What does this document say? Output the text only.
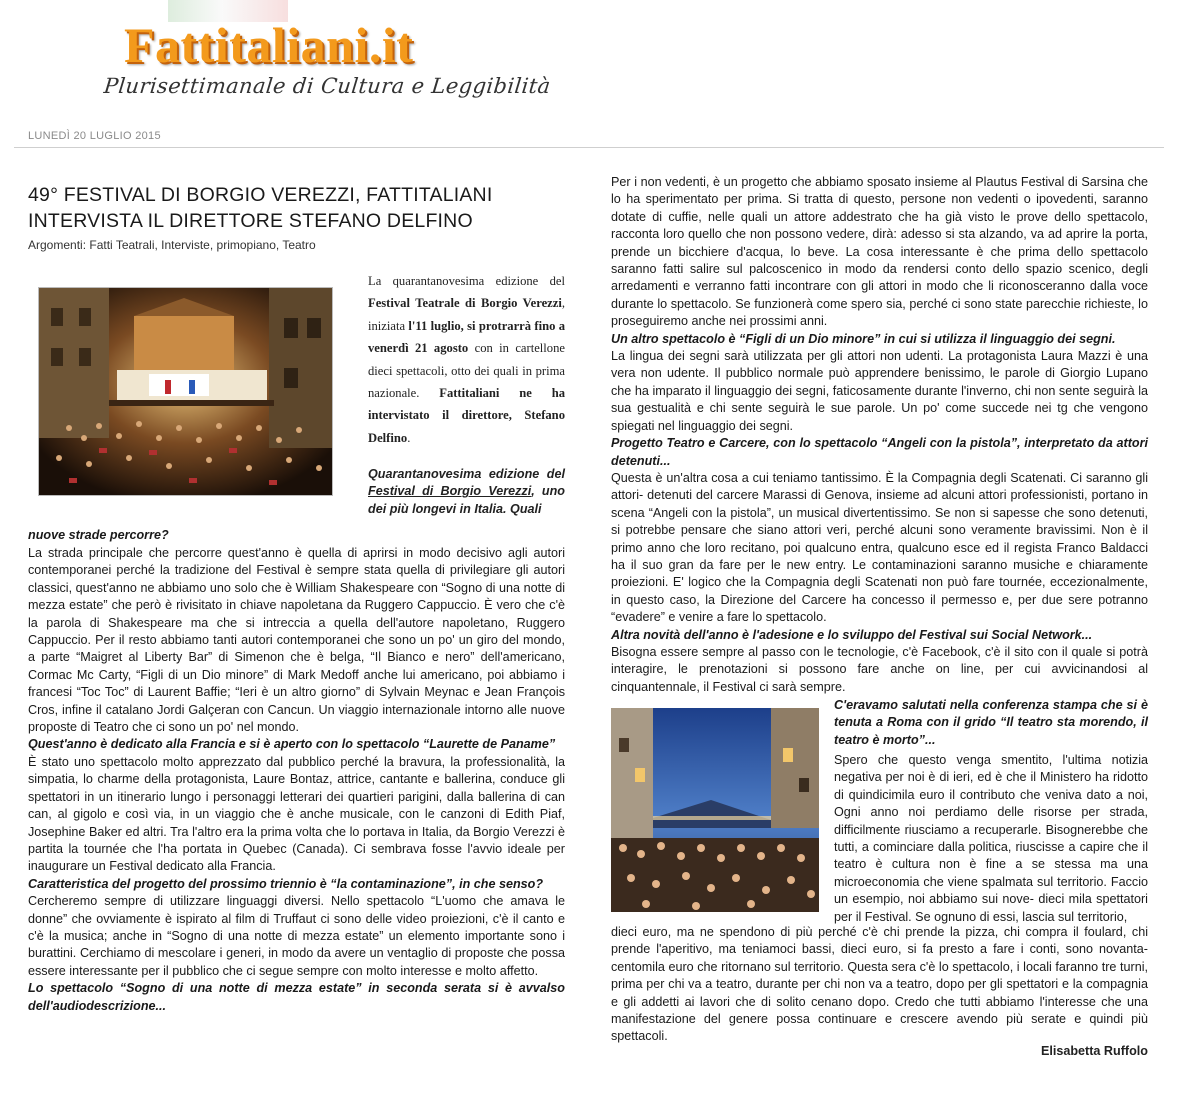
Fattitaliani.it
Plurisettimanale di Cultura e Leggibilità
LUNEDÌ 20 LUGLIO 2015
49° FESTIVAL DI BORGIO VEREZZI, FATTITALIANI INTERVISTA IL DIRETTORE STEFANO DELFINO
Argomenti: Fatti Teatrali, Interviste, primopiano, Teatro
La quarantanovesima edizione del Festival Teatrale di Borgio Verezzi, iniziata l'11 luglio, si protrarrà fino a venerdì 21 agosto con in cartellone dieci spettacoli, otto dei quali in prima nazionale. Fattitaliani ne ha intervistato il direttore, Stefano Delfino.
Quarantanovesima edizione del Festival di Borgio Verezzi, uno dei più longevi in Italia. Quali
nuove strade percorre?

La strada principale che percorre quest'anno è quella di aprirsi in modo decisivo agli autori contemporanei perché la tradizione del Festival è sempre stata quella di privilegiare gli autori classici, quest'anno ne abbiamo uno solo che è William Shakespeare con “Sogno di una notte di mezza estate” che però è rivisitato in chiave napoletana da Ruggero Cappuccio. È vero che c'è la parola di Shakespeare ma che si intreccia a quella dell'autore napoletano, Ruggero Cappuccio. Per il resto abbiamo tanti autori contemporanei che sono un po' un giro del mondo, a parte “Maigret al Liberty Bar” di Simenon che è belga, “Il Bianco e nero” dell'americano, Cormac Mc Carty, “Figli di un Dio minore” di Mark Medoff anche lui americano, poi abbiamo i francesi “Toc Toc” di Laurent Baffie; “Ieri è un altro giorno” di Sylvain Meynac e Jean François Cros, infine il catalano Jordi Galçeran con Cancun. Un viaggio internazionale intorno alle nuove proposte di Teatro che ci sono un po' nel mondo.

Quest'anno è dedicato alla Francia e si è aperto con lo spettacolo “Laurette de Paname”

È stato uno spettacolo molto apprezzato dal pubblico perché la bravura, la professionalità, la simpatia, lo charme della protagonista, Laure Bontaz, attrice, cantante e ballerina, conduce gli spettatori in un itinerario lungo i personaggi letterari dei quartieri parigini, dalla ballerina di can can, al gigolo e così via, in un viaggio che è anche musicale, con le canzoni di Edith Piaf, Josephine Baker ed altri. Tra l'altro era la prima volta che lo portava in Italia, da Borgio Verezzi è partita la tournée che l'ha portata in Quebec (Canada). Ci sembrava fosse l'avvio ideale per inaugurare un Festival dedicato alla Francia.

Caratteristica del progetto del prossimo triennio è “la contaminazione”, in che senso?

Cercheremo sempre di utilizzare linguaggi diversi. Nello spettacolo “L'uomo che amava le donne” che ovviamente è ispirato al film di Truffaut ci sono delle video proiezioni, c'è il canto e c'è la musica; anche in “Sogno di una notte di mezza estate” un elemento importante sono i burattini. Cerchiamo di mescolare i generi, in modo da avere un ventaglio di proposte che possa essere interessante per il pubblico che ci segue sempre con molto interesse e molto affetto.

Lo spettacolo “Sogno di una notte di mezza estate” in seconda serata si è avvalso dell'audiodescrizione...

Per i non vedenti, è un progetto che abbiamo sposato insieme al Plautus Festival di Sarsina che lo ha sperimentato per prima. Si tratta di questo, persone non vedenti o ipovedenti, saranno dotate di cuffie, nelle quali un attore addestrato che ha già visto le prove dello spettacolo, racconta loro quello che non possono vedere, dirà: adesso si sta alzando, va ad aprire la porta, prende un bicchiere d'acqua, lo beve. La cosa interessante è che prima dello spettacolo saranno fatti salire sul palcoscenico in modo da rendersi conto dello spazio scenico, degli arredamenti e verranno fatti incontrare con gli attori in modo che li riconosceranno dalla voce durante lo spettacolo. Se funzionerà come spero sia, perché ci sono state parecchie richieste, lo proseguiremo anche nei prossimi anni.

Un altro spettacolo è “Figli di un Dio minore” in cui si utilizza il linguaggio dei segni.

La lingua dei segni sarà utilizzata per gli attori non udenti. La protagonista Laura Mazzi è una vera non udente. Il pubblico normale può apprendere benissimo, le parole di Giorgio Lupano che ha imparato il linguaggio dei segni, faticosamente durante l'inverno, chi non sente seguirà la sua gestualità e chi sente seguirà le sue parole. Un po' come succede nei tg che vengono spiegati nel linguaggio dei segni.

Progetto Teatro e Carcere, con lo spettacolo “Angeli con la pistola”, interpretato da attori detenuti...

Questa è un'altra cosa a cui teniamo tantissimo. È la Compagnia degli Scatenati. Ci saranno gli attori- detenuti del carcere Marassi di Genova, insieme ad alcuni attori professionisti, portano in scena “Angeli con la pistola”, un musical divertentissimo. Se non si sapesse che sono detenuti, si potrebbe pensare che siano attori veri, perché alcuni sono veramente bravissimi. Non è il primo anno che loro recitano, poi qualcuno entra, qualcuno esce ed il regista Franco Baldacci ha il suo gran da fare per le new entry. Le contaminazioni saranno musiche e chiaramente proiezioni. E' logico che la Compagnia degli Scatenati non può fare tournée, eccezionalmente, in questo caso, la Direzione del Carcere ha concesso il permesso e, per due sere potranno “evadere” e venire a fare lo spettacolo.

Altra novità dell'anno è l'adesione e lo sviluppo del Festival sui Social Network...

Bisogna essere sempre al passo con le tecnologie, c'è Facebook, c'è il sito con il quale si potrà interagire, le prenotazioni si possono fare anche on line, per cui avvicinandosi al cinquantennale, il Festival ci sarà sempre.

C'eravamo salutati nella conferenza stampa che si è tenuta a Roma con il grido “Il teatro sta morendo, il teatro è morto”...
Spero che questo venga smentito, l'ultima notizia negativa per noi è di ieri, ed è che il Ministero ha ridotto di quindicimila euro il contributo che veniva dato a noi, Ogni anno noi perdiamo delle risorse per strada, difficilmente riusciamo a recuperarle. Bisognerebbe che tutti, a cominciare dalla politica, riuscisse a capire che il teatro è cultura non è fine a se stessa ma una microeconomia che viene spalmata sul territorio. Faccio un esempio, noi abbiamo sui nove- dieci mila spettatori per il Festival. Se ognuno di essi, lascia sul territorio,
dieci euro, ma ne spendono di più perché c'è chi prende la pizza, chi compra il foulard, chi prende l'aperitivo, ma teniamoci bassi, dieci euro, si fa presto a fare i conti, sono novanta-centomila euro che ritornano sul territorio. Questa sera c'è lo spettacolo, i locali faranno tre turni, prima per chi va a teatro, durante per chi non va a teatro, dopo per gli spettatori e la compagnia e gli addetti ai lavori che di solito cenano dopo. Credo che tutti abbiamo l'interesse che una manifestazione del genere possa continuare e crescere avendo più serate e quindi più spettacoli.
Elisabetta Ruffolo
